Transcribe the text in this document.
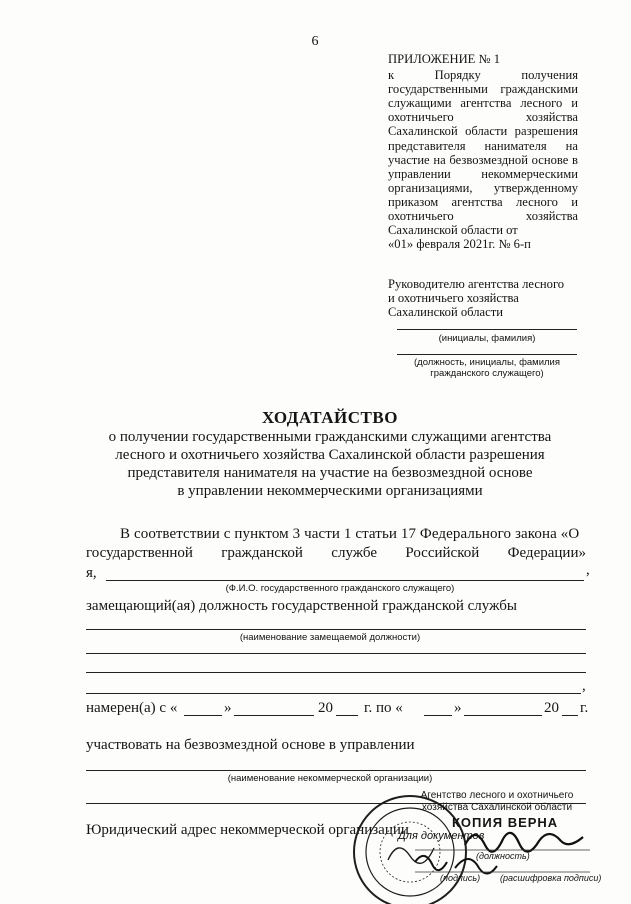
6
ПРИЛОЖЕНИЕ № 1
к Порядку получения государственными гражданскими служащими агентства лесного и охотничьего хозяйства Сахалинской области разрешения представителя нанимателя на участие на безвозмездной основе в управлении некоммерческими организациями, утвержденному приказом агентства лесного и охотничьего хозяйства Сахалинской области от
«01» февраля 2021г. № 6-п
Руководителю агентства лесного
и охотничьего хозяйства
Сахалинской области
(инициалы, фамилия)
(должность, инициалы, фамилия
гражданского служащего)
ХОДАТАЙСТВО
о получении государственными гражданскими служащими агентства
лесного и охотничьего хозяйства Сахалинской области разрешения
представителя нанимателя на участие на безвозмездной основе
в управлении некоммерческими организациями
В соответствии с пунктом 3 части 1 статьи 17 Федерального закона «О
государственной гражданской службе Российской Федерации»
я,	,
(Ф.И.О. государственного гражданского служащего)
замещающий(ая) должность государственной гражданской службы
(наименование замещаемой должности)
,
намерен(а) с «	»	20 г. по «	»	20 г.
участвовать на безвозмездной основе в управлении
(наименование некоммерческой организации)
Юридический адрес некоммерческой организации
Агентство лесного и охотничьего
хозяйства Сахалинской области
КОПИЯ ВЕРНА
Для документов
(должность)
(подпись) (расшифровка подписи)
